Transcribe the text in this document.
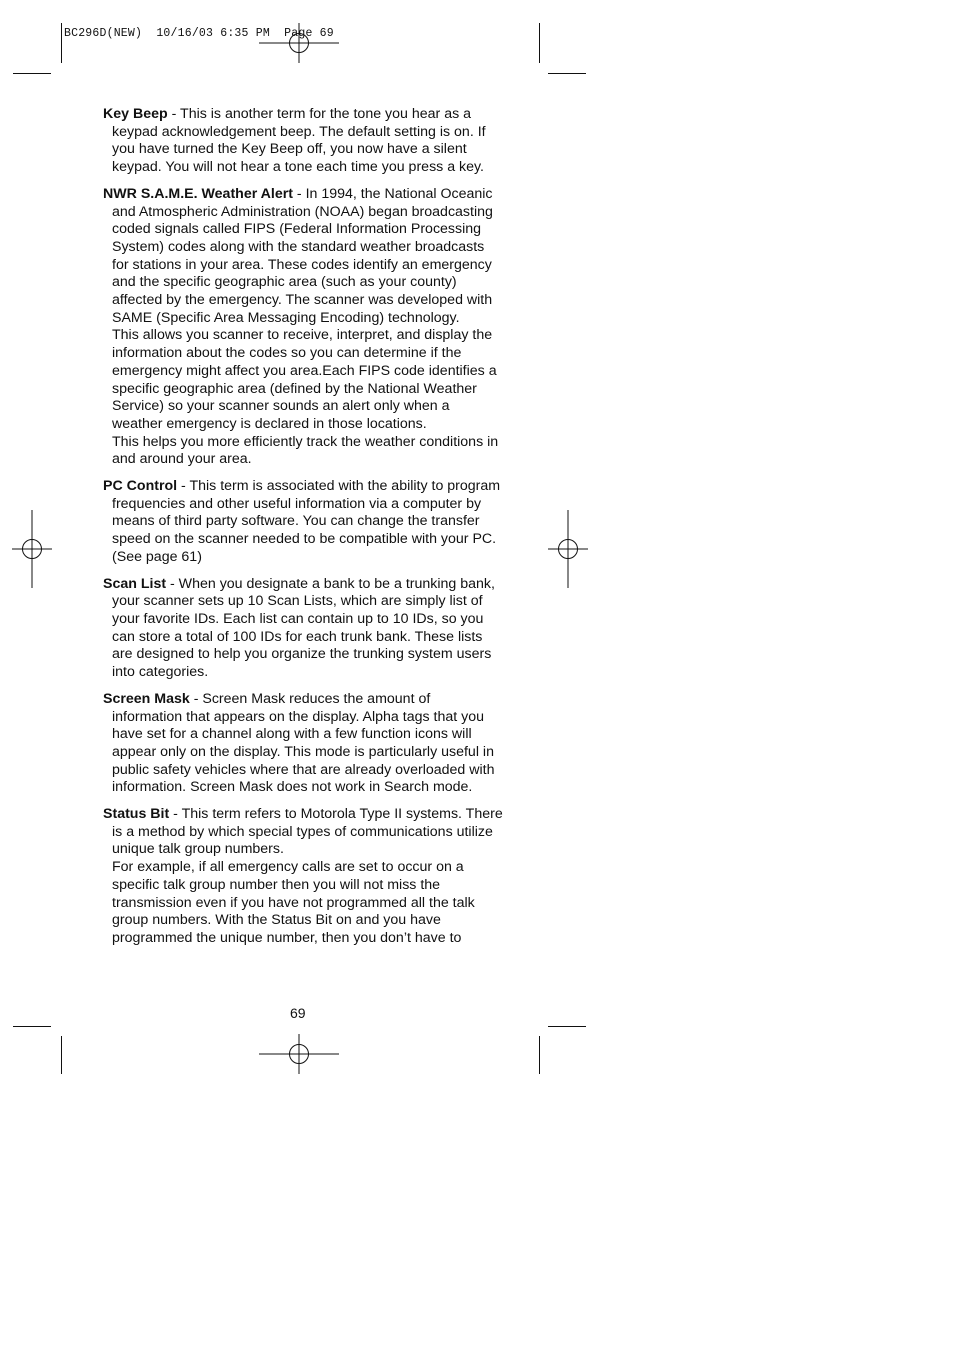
BC296D(NEW)  10/16/03 6:35 PM  Page 69

Key Beep - This is another term for the tone you hear as a keypad acknowledgement beep. The default setting is on. If you have turned the Key Beep off, you now have a silent keypad. You will not hear a tone each time you press a key.

NWR S.A.M.E. Weather Alert - In 1994, the National Oceanic and Atmospheric Administration (NOAA) began broadcasting coded signals called FIPS (Federal Information Processing System) codes along with the standard weather broadcasts for stations in your area. These codes identify an emergency and the specific geographic area (such as your county) affected by the emergency. The scanner was developed with SAME (Specific Area Messaging Encoding) technology.

This allows you scanner to receive, interpret, and display the information about the codes so you can determine if the emergency might affect you area.Each FIPS code identifies a specific geographic area (defined by the National Weather Service) so your scanner sounds an alert only when a weather emergency is declared in those locations.

This helps you more efficiently track the weather conditions in and around your area.

PC Control - This term is associated with the ability to program frequencies and other useful information via a computer by means of third party software. You can change the transfer speed on the scanner needed to be compatible with your PC. (See page 61)

Scan List - When you designate a bank to be a trunking bank, your scanner sets up 10 Scan Lists, which are simply list of your favorite IDs. Each list can contain up to 10 IDs, so you can store a total of 100 IDs for each trunk bank. These lists are designed to help you organize the trunking system users into categories.

Screen Mask - Screen Mask reduces the amount of information that appears on the display. Alpha tags that you have set for a channel along with a few function icons will appear only on the display. This mode is particularly useful in public safety vehicles where that are already overloaded with information. Screen Mask does not work in Search mode.

Status Bit - This term refers to Motorola Type II systems. There is a method by which special types of communications utilize unique talk group numbers.

For example, if all emergency calls are set to occur on a specific talk group number then you will not miss the transmission even if you have not programmed all the talk group numbers. With the Status Bit on and you have programmed the unique number, then you don’t have to

69
